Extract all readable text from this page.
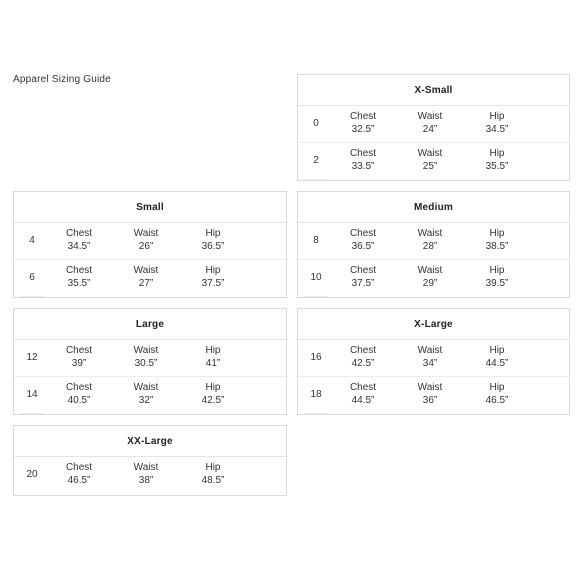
Apparel Sizing Guide
X-Small
0
Chest
32.5”
Waist
24”
Hip
34.5”
2
Chest
33.5”
Waist
25”
Hip
35.5”
Small
4
Chest
34.5”
Waist
26”
Hip
36.5”
6
Chest
35.5”
Waist
27”
Hip
37.5”
Medium
8
Chest
36.5”
Waist
28”
Hip
38.5”
10
Chest
37.5”
Waist
29”
Hip
39.5”
Large
12
Chest
39”
Waist
30.5”
Hip
41”
14
Chest
40.5”
Waist
32”
Hip
42.5”
X-Large
16
Chest
42.5”
Waist
34”
Hip
44.5”
18
Chest
44.5”
Waist
36”
Hip
46.5”
XX-Large
20
Chest
46.5”
Waist
38”
Hip
48.5”
